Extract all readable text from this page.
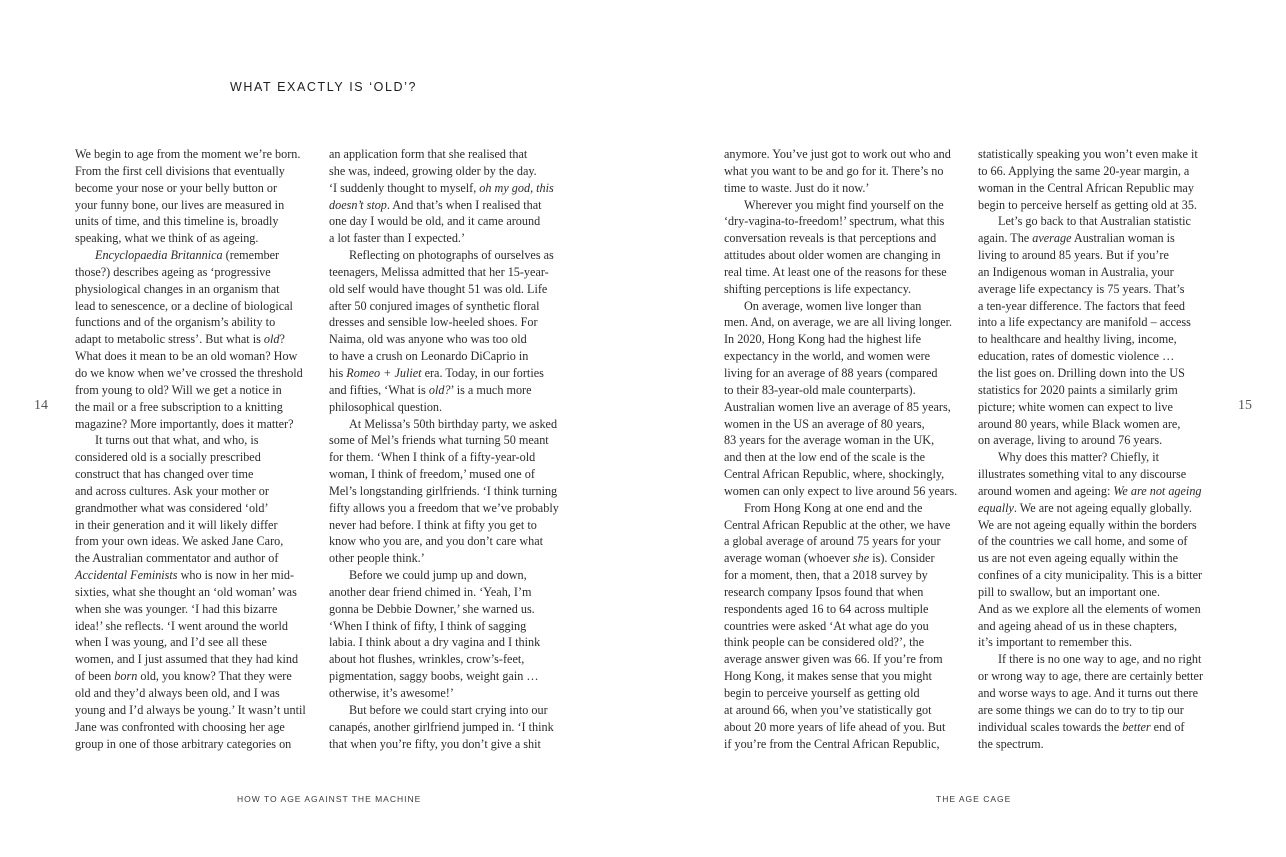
WHAT EXACTLY IS ‘OLD’?

We begin to age from the moment we’re born.
From the first cell divisions that eventually
become your nose or your belly button or
your funny bone, our lives are measured in
units of time, and this timeline is, broadly
speaking, what we think of as ageing.

Encyclopaedia Britannica (remember
those?) describes ageing as ‘progressive
physiological changes in an organism that
lead to senescence, or a decline of biological
functions and of the organism’s ability to
adapt to metabolic stress’. But what is old?
What does it mean to be an old woman? How
do we know when we’ve crossed the threshold
from young to old? Will we get a notice in
the mail or a free subscription to a knitting
magazine? More importantly, does it matter?

It turns out that what, and who, is
considered old is a socially prescribed
construct that has changed over time
and across cultures. Ask your mother or
grandmother what was considered ‘old’
in their generation and it will likely differ
from your own ideas. We asked Jane Caro,
the Australian commentator and author of
Accidental Feminists who is now in her mid-
sixties, what she thought an ‘old woman’ was
when she was younger. ‘I had this bizarre
idea!’ she reflects. ‘I went around the world
when I was young, and I’d see all these
women, and I just assumed that they had kind
of been born old, you know? That they were
old and they’d always been old, and I was
young and I’d always be young.’ It wasn’t until
Jane was confronted with choosing her age
group in one of those arbitrary categories on

an application form that she realised that
she was, indeed, growing older by the day.
‘I suddenly thought to myself, oh my god, this
doesn’t stop. And that’s when I realised that
one day I would be old, and it came around
a lot faster than I expected.’

Reflecting on photographs of ourselves as
teenagers, Melissa admitted that her 15-year-
old self would have thought 51 was old. Life
after 50 conjured images of synthetic floral
dresses and sensible low-heeled shoes. For
Naima, old was anyone who was too old
to have a crush on Leonardo DiCaprio in
his Romeo + Juliet era. Today, in our forties
and fifties, ‘What is old?’ is a much more
philosophical question.

At Melissa’s 50th birthday party, we asked
some of Mel’s friends what turning 50 meant
for them. ‘When I think of a fifty-year-old
woman, I think of freedom,’ mused one of
Mel’s longstanding girlfriends. ‘I think turning
fifty allows you a freedom that we’ve probably
never had before. I think at fifty you get to
know who you are, and you don’t care what
other people think.’

Before we could jump up and down,
another dear friend chimed in. ‘Yeah, I’m
gonna be Debbie Downer,’ she warned us.
‘When I think of fifty, I think of sagging
labia. I think about a dry vagina and I think
about hot flushes, wrinkles, crow’s-feet,
pigmentation, saggy boobs, weight gain …
otherwise, it’s awesome!’

But before we could start crying into our
canapés, another girlfriend jumped in. ‘I think
that when you’re fifty, you don’t give a shit

14
HOW TO AGE AGAINST THE MACHINE

anymore. You’ve just got to work out who and
what you want to be and go for it. There’s no
time to waste. Just do it now.’

Wherever you might find yourself on the
‘dry-vagina-to-freedom!’ spectrum, what this
conversation reveals is that perceptions and
attitudes about older women are changing in
real time. At least one of the reasons for these
shifting perceptions is life expectancy.

On average, women live longer than
men. And, on average, we are all living longer.
In 2020, Hong Kong had the highest life
expectancy in the world, and women were
living for an average of 88 years (compared
to their 83-year-old male counterparts).
Australian women live an average of 85 years,
women in the US an average of 80 years,
83 years for the average woman in the UK,
and then at the low end of the scale is the
Central African Republic, where, shockingly,
women can only expect to live around 56 years.

From Hong Kong at one end and the
Central African Republic at the other, we have
a global average of around 75 years for your
average woman (whoever she is). Consider
for a moment, then, that a 2018 survey by
research company Ipsos found that when
respondents aged 16 to 64 across multiple
countries were asked ‘At what age do you
think people can be considered old?’, the
average answer given was 66. If you’re from
Hong Kong, it makes sense that you might
begin to perceive yourself as getting old
at around 66, when you’ve statistically got
about 20 more years of life ahead of you. But
if you’re from the Central African Republic,

statistically speaking you won’t even make it
to 66. Applying the same 20-year margin, a
woman in the Central African Republic may
begin to perceive herself as getting old at 35.

Let’s go back to that Australian statistic
again. The average Australian woman is
living to around 85 years. But if you’re
an Indigenous woman in Australia, your
average life expectancy is 75 years. That’s
a ten-year difference. The factors that feed
into a life expectancy are manifold – access
to healthcare and healthy living, income,
education, rates of domestic violence …
the list goes on. Drilling down into the US
statistics for 2020 paints a similarly grim
picture; white women can expect to live
around 80 years, while Black women are,
on average, living to around 76 years.

Why does this matter? Chiefly, it
illustrates something vital to any discourse
around women and ageing: We are not ageing
equally. We are not ageing equally globally.
We are not ageing equally within the borders
of the countries we call home, and some of
us are not even ageing equally within the
confines of a city municipality. This is a bitter
pill to swallow, but an important one.
And as we explore all the elements of women
and ageing ahead of us in these chapters,
it’s important to remember this.

If there is no one way to age, and no right
or wrong way to age, there are certainly better
and worse ways to age. And it turns out there
are some things we can do to try to tip our
individual scales towards the better end of
the spectrum.

15
THE AGE CAGE
